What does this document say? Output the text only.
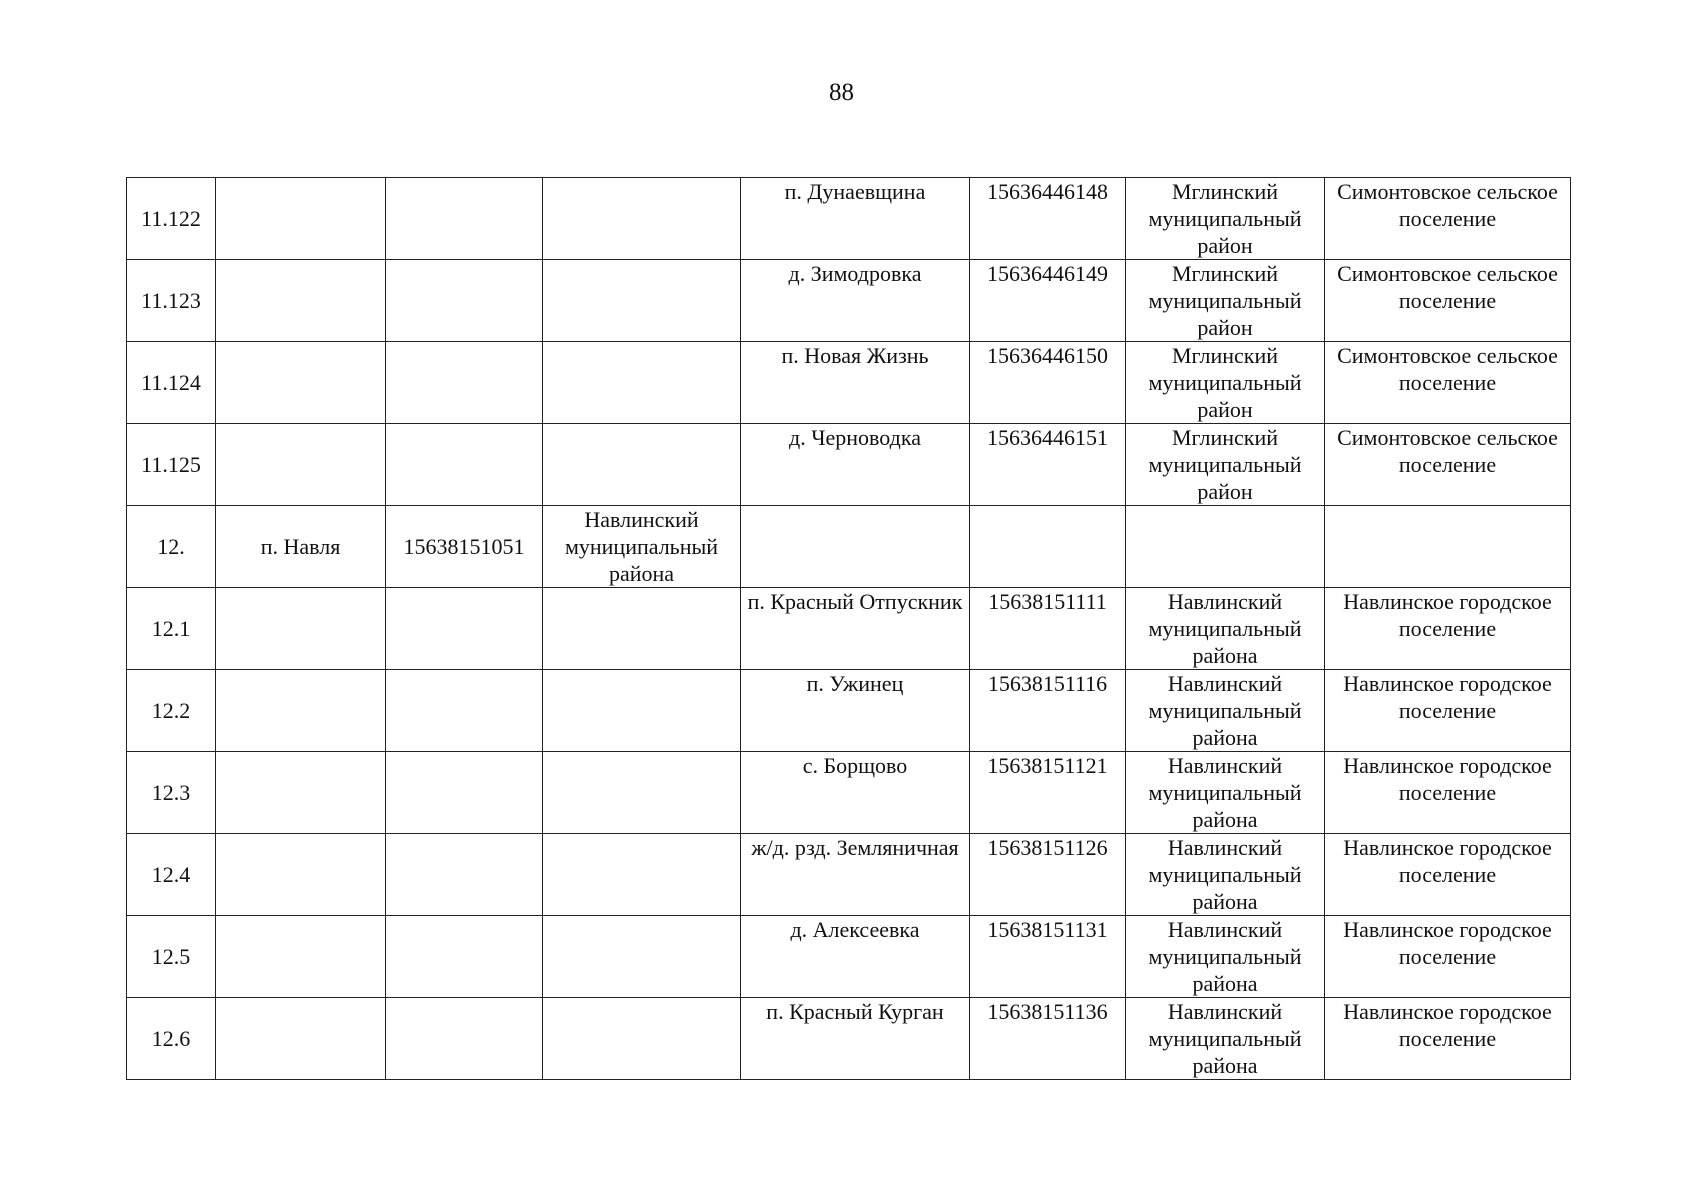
88
11.122				п. Дунаевщина	15636446148	Мглинский муниципальный район	Симонтовское сельское поселение
11.123				д. Зимодровка	15636446149	Мглинский муниципальный район	Симонтовское сельское поселение
11.124				п. Новая Жизнь	15636446150	Мглинский муниципальный район	Симонтовское сельское поселение
11.125				д. Черноводка	15636446151	Мглинский муниципальный район	Симонтовское сельское поселение
12.	п. Навля	15638151051	Навлинский муниципальный района				
12.1				п. Красный Отпускник	15638151111	Навлинский муниципальный района	Навлинское городское поселение
12.2				п. Ужинец	15638151116	Навлинский муниципальный района	Навлинское городское поселение
12.3				с. Борщово	15638151121	Навлинский муниципальный района	Навлинское городское поселение
12.4				ж/д. рзд. Земляничная	15638151126	Навлинский муниципальный района	Навлинское городское поселение
12.5				д. Алексеевка	15638151131	Навлинский муниципальный района	Навлинское городское поселение
12.6				п. Красный Курган	15638151136	Навлинский муниципальный района	Навлинское городское поселение
